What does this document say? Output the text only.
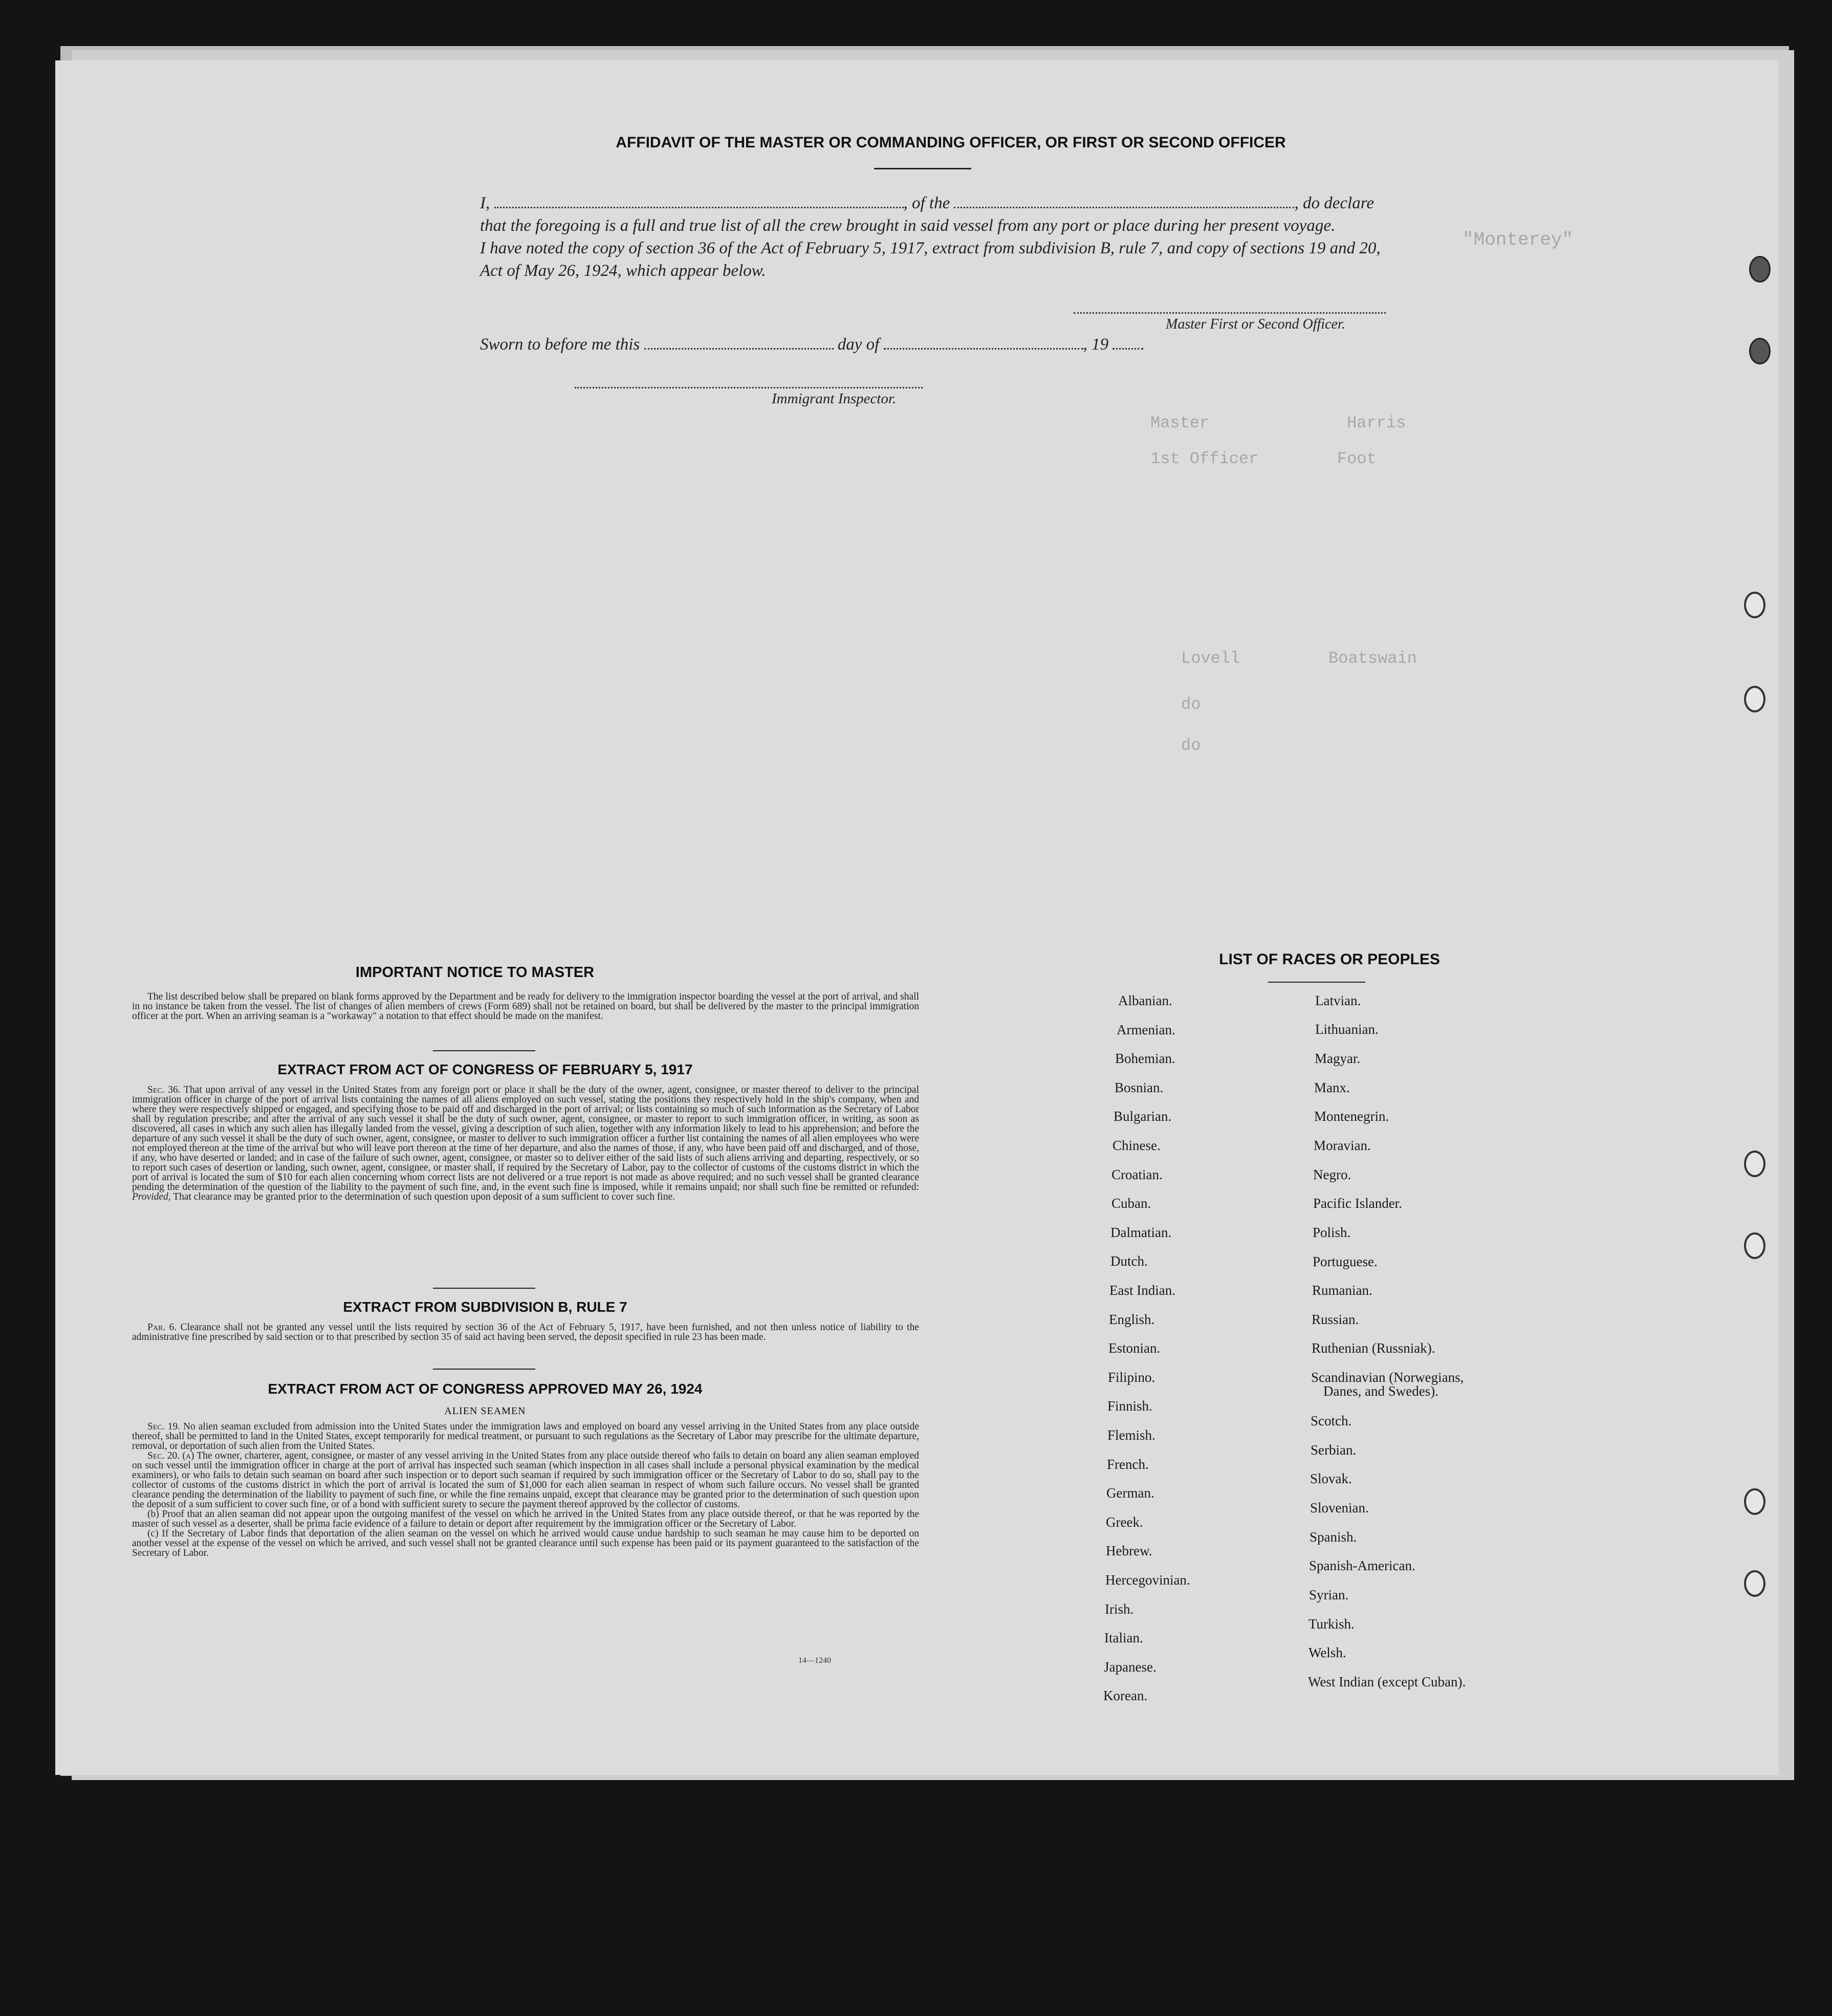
"Monterey"
Master              Harris
1st Officer        Foot
Lovell         Boatswain
do
do
AFFIDAVIT OF THE MASTER OR COMMANDING OFFICER, OR FIRST OR SECOND OFFICER
I,	, of the	, do declare
that the foregoing is a full and true list of all the crew brought in said vessel from any port or place during her present voyage.
I have noted the copy of section 36 of the Act of February 5, 1917, extract from subdivision B, rule 7, and copy of sections 19 and 20,
Act of May 26, 1924, which appear below.
Master First or Second Officer.
Sworn to before me this	day of	, 19
Immigrant Inspector.
IMPORTANT NOTICE TO MASTER

The list described below shall be prepared on blank forms approved by the Department and be ready for delivery to the immigration inspector boarding the vessel at the port of arrival, and shall in no instance be taken from the vessel. The list of changes of alien members of crews (Form 689) shall not be retained on board, but shall be delivered by the master to the principal immigration officer at the port. When an arriving seaman is a "workaway" a notation to that effect should be made on the manifest.

EXTRACT FROM ACT OF CONGRESS OF FEBRUARY 5, 1917

Sec. 36. That upon arrival of any vessel in the United States from any foreign port or place it shall be the duty of the owner, agent, consignee, or master thereof to deliver to the principal immigration officer in charge of the port of arrival lists containing the names of all aliens employed on such vessel, stating the positions they respectively hold in the ship's company, when and where they were respectively shipped or engaged, and specifying those to be paid off and discharged in the port of arrival; or lists containing so much of such information as the Secretary of Labor shall by regulation prescribe; and after the arrival of any such vessel it shall be the duty of such owner, agent, consignee, or master to report to such immigration officer, in writing, as soon as discovered, all cases in which any such alien has illegally landed from the vessel, giving a description of such alien, together with any information likely to lead to his apprehension; and before the departure of any such vessel it shall be the duty of such owner, agent, consignee, or master to deliver to such immigration officer a further list containing the names of all alien employees who were not employed thereon at the time of the arrival but who will leave port thereon at the time of her departure, and also the names of those, if any, who have been paid off and discharged, and of those, if any, who have deserted or landed; and in case of the failure of such owner, agent, consignee, or master so to deliver either of the said lists of such aliens arriving and departing, respectively, or so to report such cases of desertion or landing, such owner, agent, consignee, or master shall, if required by the Secretary of Labor, pay to the collector of customs of the customs district in which the port of arrival is located the sum of $10 for each alien concerning whom correct lists are not delivered or a true report is not made as above required; and no such vessel shall be granted clearance pending the determination of the question of the liability to the payment of such fine, and, in the event such fine is imposed, while it remains unpaid; nor shall such fine be remitted or refunded: Provided, That clearance may be granted prior to the determination of such question upon deposit of a sum sufficient to cover such fine.

EXTRACT FROM SUBDIVISION B, RULE 7

Par. 6. Clearance shall not be granted any vessel until the lists required by section 36 of the Act of February 5, 1917, have been furnished, and not then unless notice of liability to the administrative fine prescribed by said section or to that prescribed by section 35 of said act having been served, the deposit specified in rule 23 has been made.

EXTRACT FROM ACT OF CONGRESS APPROVED MAY 26, 1924
ALIEN SEAMEN

Sec. 19. No alien seaman excluded from admission into the United States under the immigration laws and employed on board any vessel arriving in the United States from any place outside thereof, shall be permitted to land in the United States, except temporarily for medical treatment, or pursuant to such regulations as the Secretary of Labor may prescribe for the ultimate departure, removal, or deportation of such alien from the United States.

Sec. 20. (a) The owner, charterer, agent, consignee, or master of any vessel arriving in the United States from any place outside thereof who fails to detain on board any alien seaman employed on such vessel until the immigration officer in charge at the port of arrival has inspected such seaman (which inspection in all cases shall include a personal physical examination by the medical examiners), or who fails to detain such seaman on board after such inspection or to deport such seaman if required by such immigration officer or the Secretary of Labor to do so, shall pay to the collector of customs of the customs district in which the port of arrival is located the sum of $1,000 for each alien seaman in respect of whom such failure occurs. No vessel shall be granted clearance pending the determination of the liability to payment of such fine, or while the fine remains unpaid, except that clearance may be granted prior to the determination of such question upon the deposit of a sum sufficient to cover such fine, or of a bond with sufficient surety to secure the payment thereof approved by the collector of customs.

(b) Proof that an alien seaman did not appear upon the outgoing manifest of the vessel on which he arrived in the United States from any place outside thereof, or that he was reported by the master of such vessel as a deserter, shall be prima facie evidence of a failure to detain or deport after requirement by the immigration officer or the Secretary of Labor.

(c) If the Secretary of Labor finds that deportation of the alien seaman on the vessel on which he arrived would cause undue hardship to such seaman he may cause him to be deported on another vessel at the expense of the vessel on which he arrived, and such vessel shall not be granted clearance until such expense has been paid or its payment guaranteed to the satisfaction of the Secretary of Labor.

14—1240
LIST OF RACES OR PEOPLES
Albanian.
Armenian.
Bohemian.
Bosnian.
Bulgarian.
Chinese.
Croatian.
Cuban.
Dalmatian.
Dutch.
East Indian.
English.
Estonian.
Filipino.
Finnish.
Flemish.
French.
German.
Greek.
Hebrew.
Hercegovinian.
Irish.
Italian.
Japanese.
Korean.
Latvian.
Lithuanian.
Magyar.
Manx.
Montenegrin.
Moravian.
Negro.
Pacific Islander.
Polish.
Portuguese.
Rumanian.
Russian.
Ruthenian (Russniak).
Scandinavian (Norwegians,
Danes, and Swedes).
Scotch.
Serbian.
Slovak.
Slovenian.
Spanish.
Spanish-American.
Syrian.
Turkish.
Welsh.
West Indian (except Cuban).
